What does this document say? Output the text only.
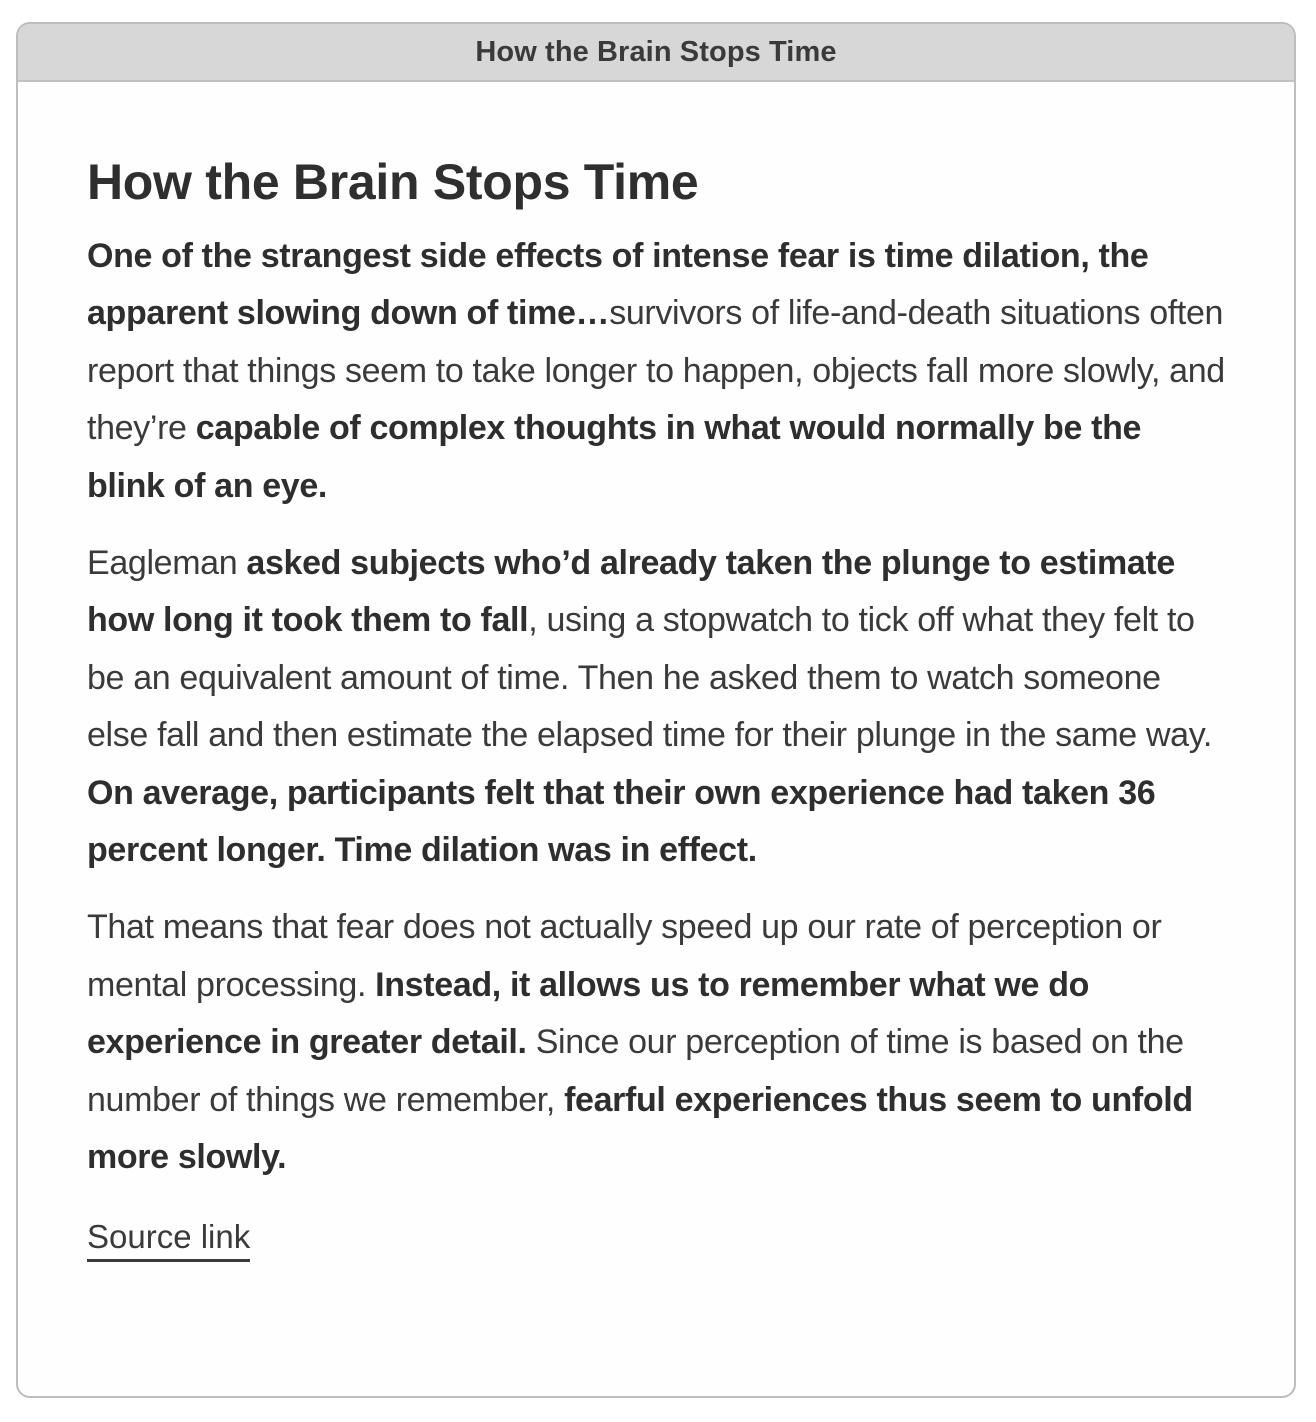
How the Brain Stops Time
How the Brain Stops Time

One of the strangest side effects of intense fear is time dilation, the apparent slowing down of time…survivors of life-and-death situations often report that things seem to take longer to happen, objects fall more slowly, and they’re capable of complex thoughts in what would normally be the blink of an eye.

Eagleman asked subjects who’d already taken the plunge to estimate how long it took them to fall, using a stopwatch to tick off what they felt to be an equivalent amount of time. Then he asked them to watch someone else fall and then estimate the elapsed time for their plunge in the same way. On average, participants felt that their own experience had taken 36 percent longer. Time dilation was in effect.

That means that fear does not actually speed up our rate of perception or mental processing. Instead, it allows us to remember what we do experience in greater detail. Since our perception of time is based on the number of things we remember, fearful experiences thus seem to unfold more slowly.

Source link
